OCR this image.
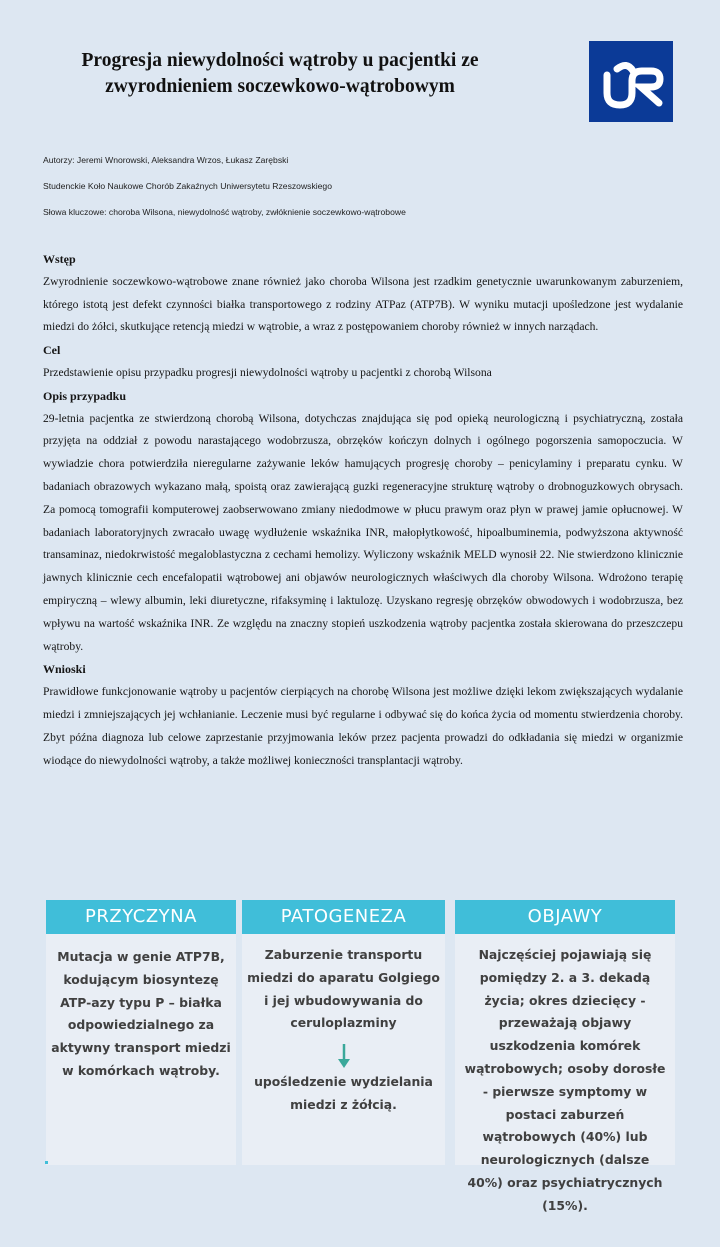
Progresja niewydolności wątroby u pacjentki ze
zwyrodnieniem soczewkowo-wątrobowym
Autorzy: Jeremi Wnorowski, Aleksandra Wrzos, Łukasz Zarębski
Studenckie Koło Naukowe Chorób Zakaźnych Uniwersytetu Rzeszowskiego
Słowa kluczowe: choroba Wilsona, niewydolność wątroby, zwłóknienie soczewkowo-wątrobowe
Wstęp

Zwyrodnienie soczewkowo-wątrobowe znane również jako choroba Wilsona jest rzadkim genetycznie uwarunkowanym zaburzeniem, którego istotą jest defekt czynności białka transportowego z rodziny ATPaz (ATP7B). W wyniku mutacji upośledzone jest wydalanie miedzi do żółci, skutkujące retencją miedzi w wątrobie, a wraz z postępowaniem choroby również w innych narządach.

Cel

Przedstawienie opisu przypadku progresji niewydolności wątroby u pacjentki z chorobą Wilsona

Opis przypadku

29-letnia pacjentka ze stwierdzoną chorobą Wilsona, dotychczas znajdująca się pod opieką neurologiczną i psychiatryczną, została przyjęta na oddział z powodu narastającego wodobrzusza, obrzęków kończyn dolnych i ogólnego pogorszenia samopoczucia. W wywiadzie chora potwierdziła nieregularne zażywanie leków hamujących progresję choroby – penicylaminy i preparatu cynku. W badaniach obrazowych wykazano małą, spoistą oraz zawierającą guzki regeneracyjne strukturę wątroby o drobnoguzkowych obrysach. Za pomocą tomografii komputerowej zaobserwowano zmiany niedodmowe w płucu prawym oraz płyn w prawej jamie opłucnowej. W badaniach laboratoryjnych zwracało uwagę wydłużenie wskaźnika INR, małopłytkowość, hipoalbuminemia, podwyższona aktywność transaminaz, niedokrwistość megaloblastyczna z cechami hemolizy. Wyliczony wskaźnik MELD wynosił 22. Nie stwierdzono klinicznie jawnych klinicznie cech encefalopatii wątrobowej ani objawów neurologicznych właściwych dla choroby Wilsona. Wdrożono terapię empiryczną – wlewy albumin, leki diuretyczne, rifaksyminę i laktulozę. Uzyskano regresję obrzęków obwodowych i wodobrzusza, bez wpływu na wartość wskaźnika INR. Ze względu na znaczny stopień uszkodzenia wątroby pacjentka została skierowana do przeszczepu wątroby.

Wnioski

Prawidłowe funkcjonowanie wątroby u pacjentów cierpiących na chorobę Wilsona jest możliwe dzięki lekom zwiększających wydalanie miedzi i zmniejszających jej wchłanianie. Leczenie musi być regularne i odbywać się do końca życia od momentu stwierdzenia choroby. Zbyt późna diagnoza lub celowe zaprzestanie przyjmowania leków przez pacjenta prowadzi do odkładania się miedzi w organizmie wiodące do niewydolności wątroby, a także możliwej konieczności transplantacji wątroby.

PRZYCZYNA
Mutacja w genie ATP7B, kodującym biosyntezę ATP-azy typu P – białka odpowiedzialnego za aktywny transport miedzi w komórkach wątroby.
PATOGENEZA
Zaburzenie transportu miedzi do aparatu Golgiego i jej wbudowywania do ceruloplazminy
upośledzenie wydzielania miedzi z żółcią.
OBJAWY
Najczęściej pojawiają się pomiędzy 2. a 3. dekadą życia; okres dziecięcy - przeważają objawy uszkodzenia komórek wątrobowych; osoby dorosłe - pierwsze symptomy w postaci zaburzeń wątrobowych (40%) lub neurologicznych (dalsze 40%) oraz psychiatrycznych (15%).
